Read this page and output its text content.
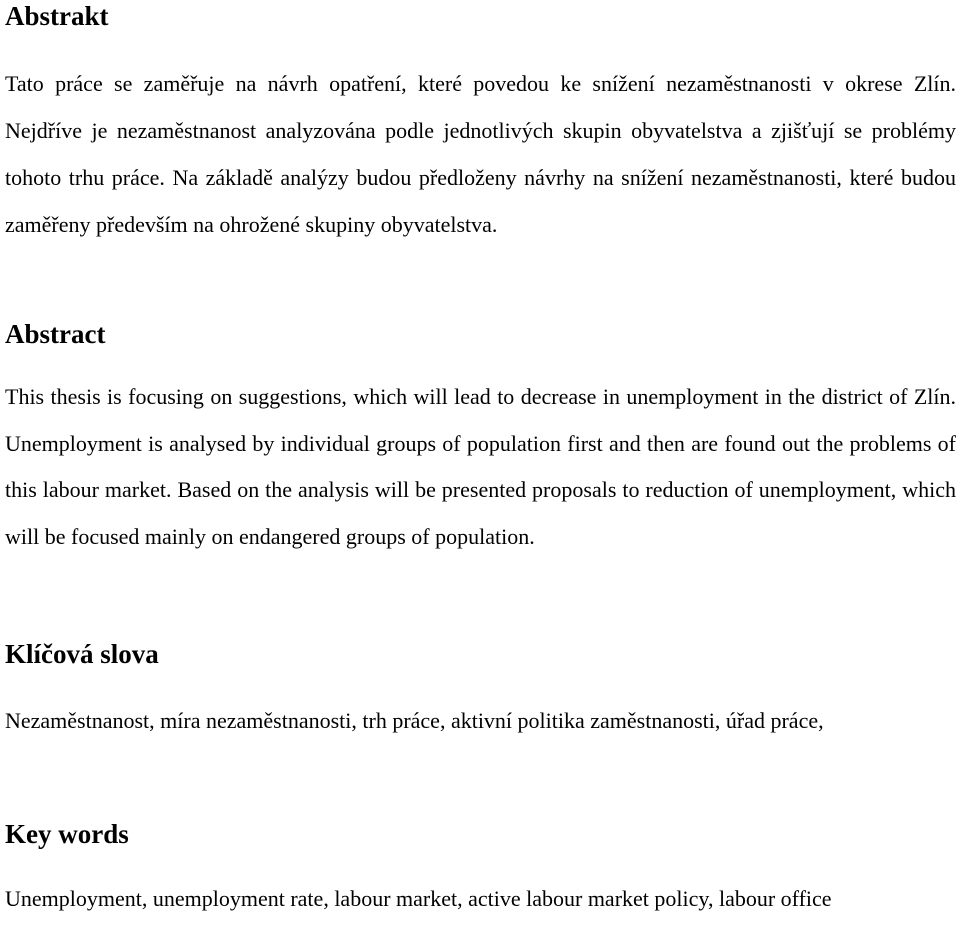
Abstrakt

Tato práce se zaměřuje na návrh opatření, které povedou ke snížení nezaměstnanosti v okrese Zlín. Nejdříve je nezaměstnanost analyzována podle jednotlivých skupin obyvatelstva a zjišťují se problémy tohoto trhu práce. Na základě analýzy budou předloženy návrhy na snížení nezaměstnanosti, které budou zaměřeny především na ohrožené skupiny obyvatelstva.

Abstract

This thesis is focusing on suggestions, which will lead to decrease in unemployment in the district of Zlín. Unemployment is analysed by individual groups of population first and then are found out the problems of this labour market. Based on the analysis will be presented proposals to reduction of unemployment, which will be focused mainly on endangered groups of population.

Klíčová slova

Nezaměstnanost, míra nezaměstnanosti, trh práce, aktivní politika zaměstnanosti, úřad práce,

Key words

Unemployment, unemployment rate, labour market, active labour market policy, labour office
